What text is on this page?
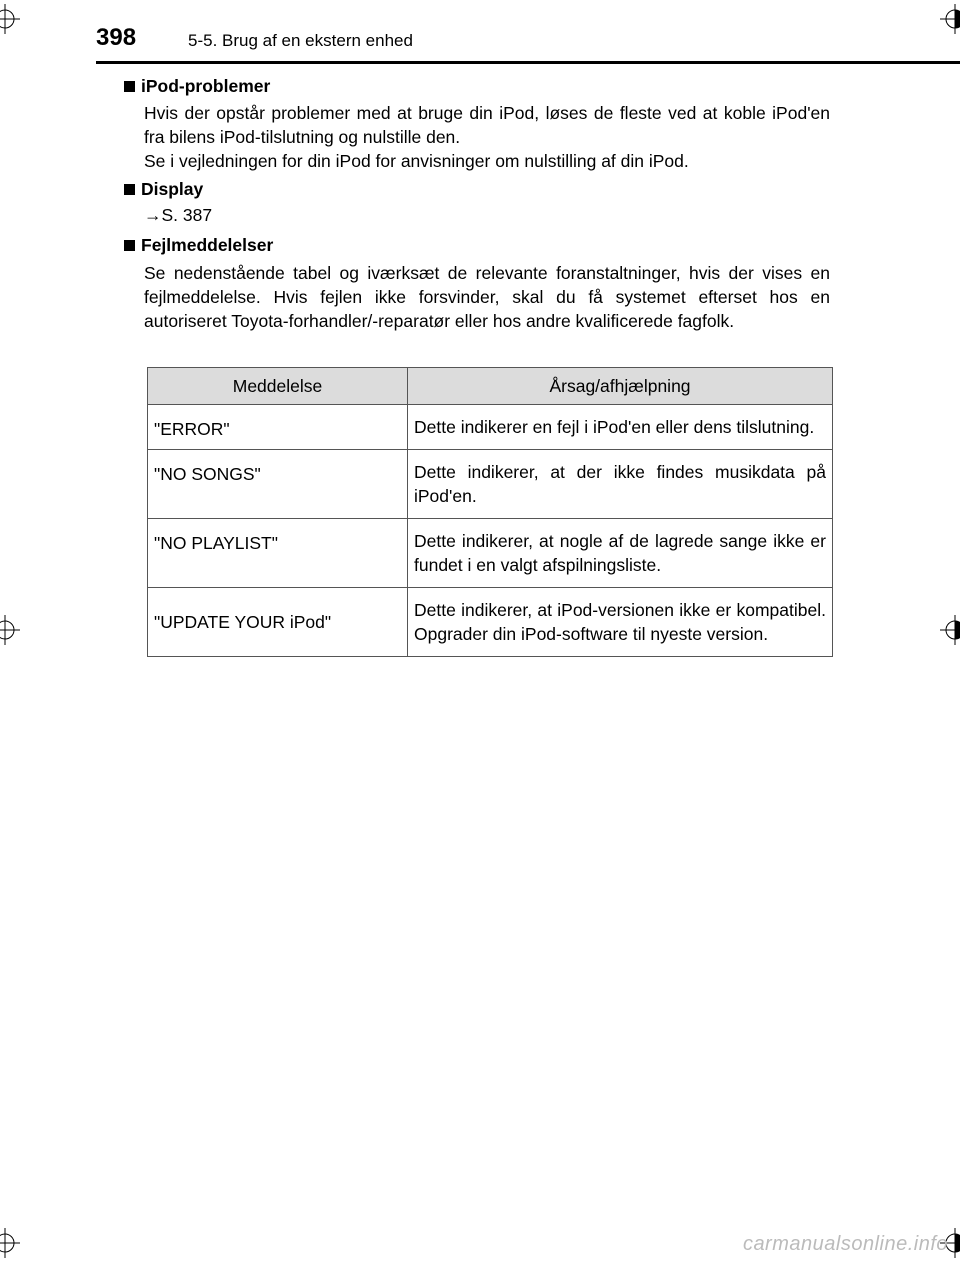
398	5-5. Brug af en ekstern enhed
iPod-problemer

Hvis der opstår problemer med at bruge din iPod, løses de fleste ved at koble iPod'en fra bilens iPod-tilslutning og nulstille den.

Se i vejledningen for din iPod for anvisninger om nulstilling af din iPod.

Display
→S. 387
Fejlmeddelelser

Se nedenstående tabel og iværksæt de relevante foranstaltninger, hvis der vises en fejlmeddelelse. Hvis fejlen ikke forsvinder, skal du få systemet efterset hos en autoriseret Toyota-forhandler/-reparatør eller hos andre kvalificerede fagfolk.

Meddelelse	Årsag/afhjælpning
"ERROR"	Dette indikerer en fejl i iPod'en eller dens tilslutning.
"NO SONGS"	Dette indikerer, at der ikke findes musikdata på iPod'en.
"NO PLAYLIST"	Dette indikerer, at nogle af de lagrede sange ikke er fundet i en valgt afspilningsliste.
"UPDATE YOUR iPod"	Dette indikerer, at iPod-versionen ikke er kompatibel. Opgrader din iPod-software til nyeste version.
carmanualsonline.info
